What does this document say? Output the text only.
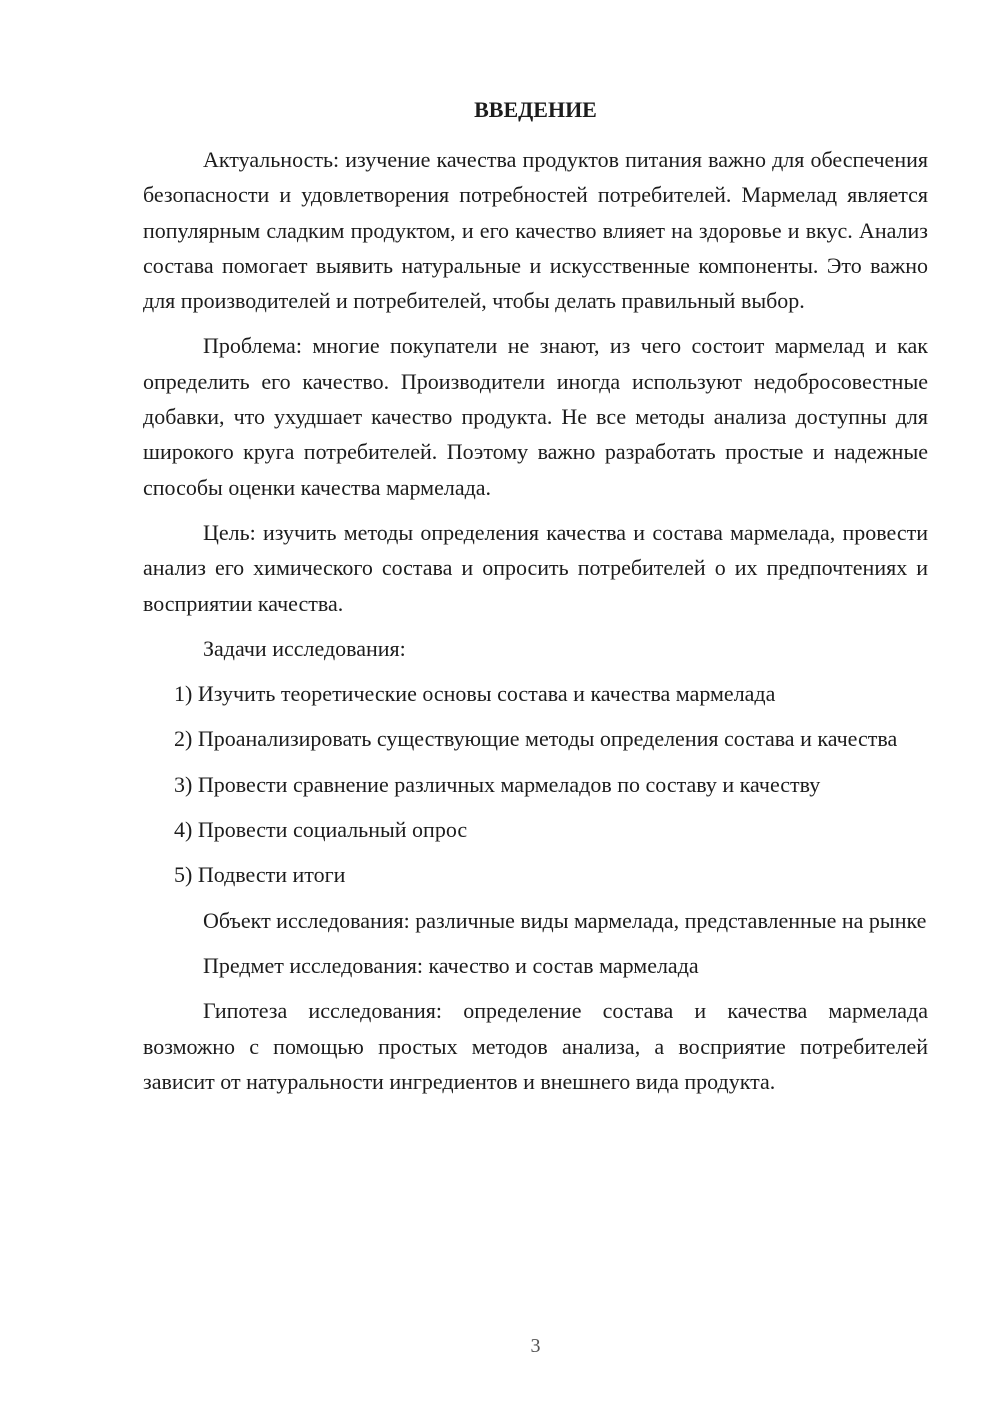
ВВЕДЕНИЕ

Актуальность: изучение качества продуктов питания важно для обеспечения безопасности и удовлетворения потребностей потребителей. Мармелад является популярным сладким продуктом, и его качество влияет на здоровье и вкус. Анализ состава помогает выявить натуральные и искусственные компоненты. Это важно для производителей и потребителей, чтобы делать правильный выбор.

Проблема: многие покупатели не знают, из чего состоит мармелад и как определить его качество. Производители иногда используют недобросовестные добавки, что ухудшает качество продукта. Не все методы анализа доступны для широкого круга потребителей. Поэтому важно разработать простые и надежные способы оценки качества мармелада.

Цель: изучить методы определения качества и состава мармелада, провести анализ его химического состава и опросить потребителей о их предпочтениях и восприятии качества.

Задачи исследования:

1) Изучить теоретические основы состава и качества мармелада

2) Проанализировать существующие методы определения состава и качества

3) Провести сравнение различных мармеладов по составу и качеству

4) Провести социальный опрос

5) Подвести итоги

Объект исследования: различные виды мармелада, представленные на рынке

Предмет исследования: качество и состав мармелада

Гипотеза исследования: определение состава и качества мармелада возможно с помощью простых методов анализа, а восприятие потребителей зависит от натуральности ингредиентов и внешнего вида продукта.

3
